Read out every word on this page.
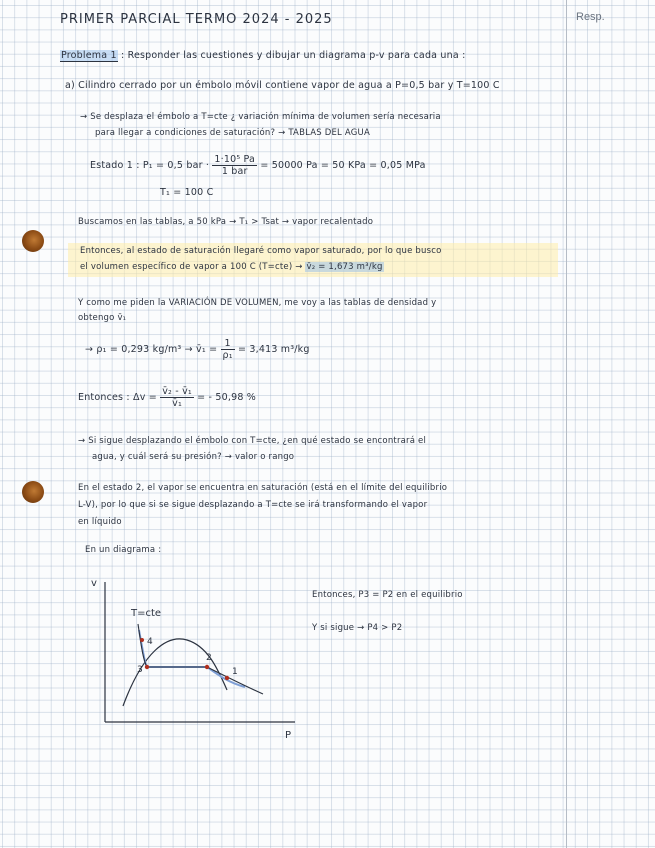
Resp.
PRIMER PARCIAL TERMO 2024 - 2025
Problema 1 : Responder las cuestiones y dibujar un diagrama p-v para cada una :
a) Cilindro cerrado por un émbolo móvil contiene vapor de agua a P=0,5 bar y T=100 C
→ Se desplaza el émbolo a T=cte ¿ variación mínima de volumen sería necesaria
para llegar a condiciones de saturación? → TABLAS DEL AGUA
Estado 1 : P₁ = 0,5 bar · $\frac{\text{1·10⁵ Pa}}{\text{1 bar}} = 50000$ Pa = 50 KPa = 0,05 MPa
T₁ = 100 C
Buscamos en las tablas, a 50 kPa → T₁ > Tsat → vapor recalentado
Entonces, al estado de saturación llegaré como vapor saturado, por lo que busco
el volumen específico de vapor a 100 C (T=cte) → v̄₂ = 1,673 m³/kg
Y como me piden la VARIACIÓN DE VOLUMEN, me voy a las tablas de densidad y
obtengo v̄₁
→ ρ₁ = 0,293 kg/m³ → v̄₁ = $\frac{1}{\text{ρ₁}} = 3,413$ m³/kg
Entonces : $\Delta v = \frac{\text{v̄₂ - v̄₁}}{\text{v̄₁}}$ = - 50,98 %
→ Si sigue desplazando el émbolo con T=cte, ¿en qué estado se encontrará el
agua, y cuál será su presión? → valor o rango
En el estado 2, el vapor se encuentra en saturación (está en el límite del equilibrio
L-V), por lo que si se sigue desplazando a T=cte se irá transformando el vapor
en líquido
En un diagrama :
Entonces, P3 = P2 en el equilibrio
Y si sigue → P4 > P2
v
P
T=cte
3
2
1
4
